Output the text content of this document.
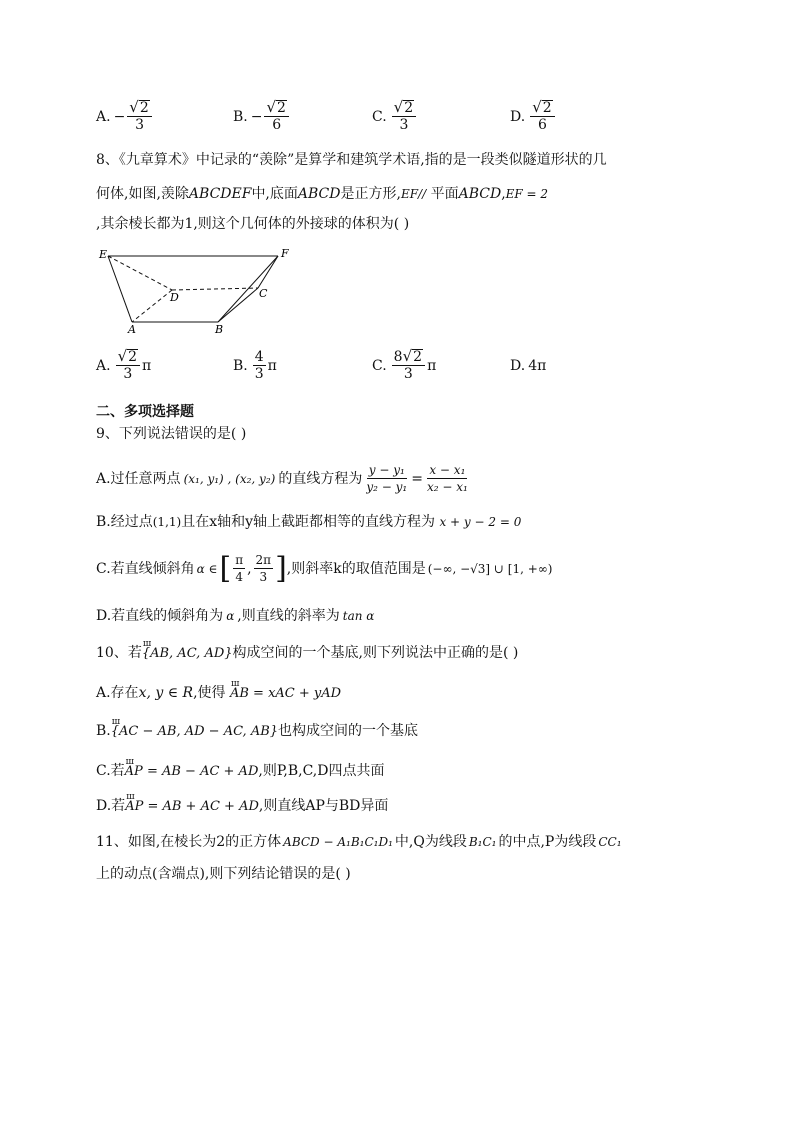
A. − $\frac{√ 2}{3}$	B. − $\frac{√ 2}{6}$	C. $\frac{√ 2}{3}$	D. $\frac{√ 2}{6}$
8、《九章算术》中记录的“羡除”是算学和建筑学术语,指的是一段类似隧道形状的几
何体,如图,羡除ABCDEF中,底面ABCD是正方形,EF// 平面ABCD,EF = 2
,其余棱长都为1,则这个几何体的外接球的体积为( )
E	F
D	C
A	B
A. $\frac{√ 2}{3}$ π	B. $\frac{4}{3}$ π	C. $\frac{8 √ 2}{3}$ π	D. 4π
二、多项选择题
9、下列说法错误的是( )
A.过任意两点 (x₁, y₁) , (x₂, y₂) 的直线方程为 $\frac{\text{y − y₁}}{\text{y₂ − y₁}} = \frac{\text{x − x₁}}{\text{x₂ − x₁}}$
B.经过点(1,1)且在x轴和y轴上截距都相等的直线方程为 x + y − 2 = 0
C.若直线倾斜角 α ∈ [ $\frac{\pi}{4}$ , $\frac{2\pi}{3}$ ] ,则斜率k的取值范围是 (−∞, −√3] ∪ [1, +∞)
D.若直线的倾斜角为 α ,则直线的斜率为 tan α
10、若ш {AB, AC, AD}构成空间的一个基底,则下列说法中正确的是( )
A.存在x, y ∈ R,使得 ш AB = xAC + yAD
B.ш {AC − AB, AD − AC, AB}也构成空间的一个基底
C.若ш AP = AB − AC + AD,则P,B,C,D四点共面
D.若ш AP = AB + AC + AD,则直线AP与BD异面
11、如图,在棱长为2的正方体 ABCD − A₁B₁C₁D₁ 中,Q为线段 B₁C₁ 的中点,P为线段 CC₁
上的动点(含端点),则下列结论错误的是( )
